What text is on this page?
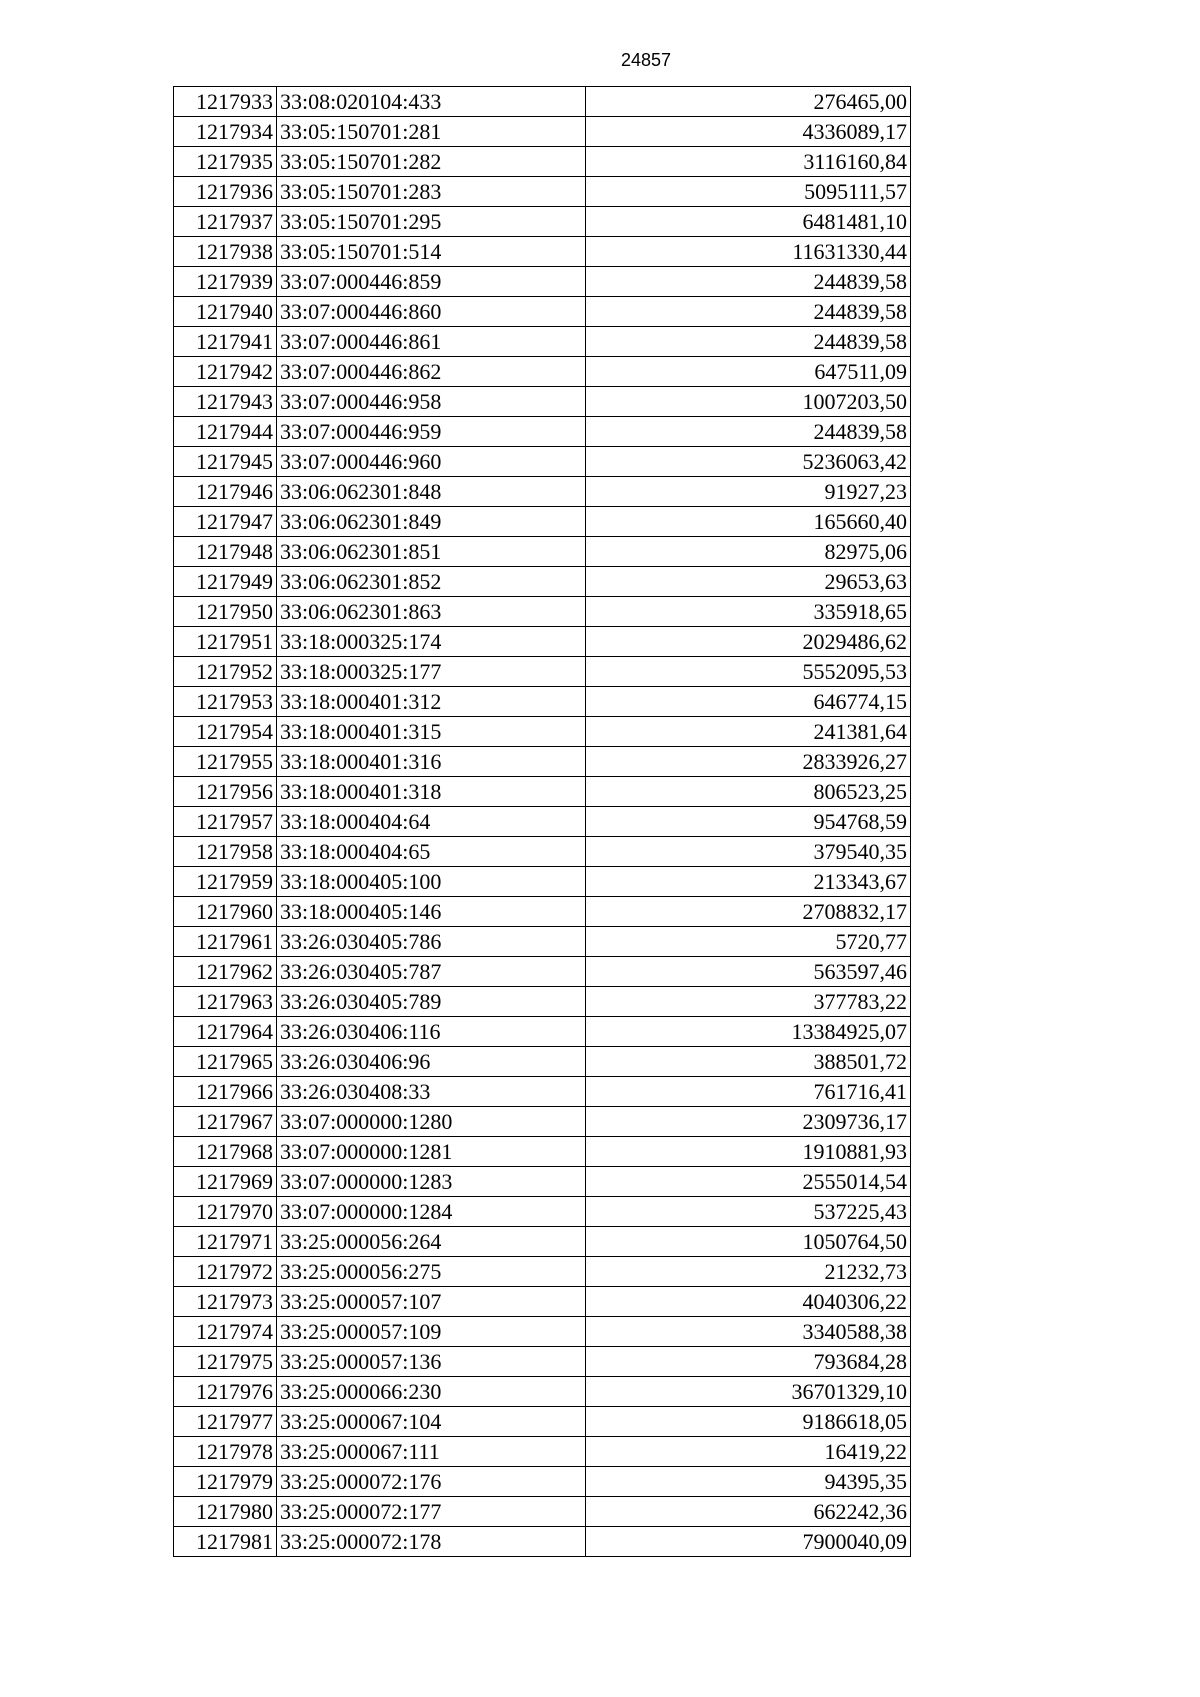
24857
1217933	33:08:020104:433	276465,00
1217934	33:05:150701:281	4336089,17
1217935	33:05:150701:282	3116160,84
1217936	33:05:150701:283	5095111,57
1217937	33:05:150701:295	6481481,10
1217938	33:05:150701:514	11631330,44
1217939	33:07:000446:859	244839,58
1217940	33:07:000446:860	244839,58
1217941	33:07:000446:861	244839,58
1217942	33:07:000446:862	647511,09
1217943	33:07:000446:958	1007203,50
1217944	33:07:000446:959	244839,58
1217945	33:07:000446:960	5236063,42
1217946	33:06:062301:848	91927,23
1217947	33:06:062301:849	165660,40
1217948	33:06:062301:851	82975,06
1217949	33:06:062301:852	29653,63
1217950	33:06:062301:863	335918,65
1217951	33:18:000325:174	2029486,62
1217952	33:18:000325:177	5552095,53
1217953	33:18:000401:312	646774,15
1217954	33:18:000401:315	241381,64
1217955	33:18:000401:316	2833926,27
1217956	33:18:000401:318	806523,25
1217957	33:18:000404:64	954768,59
1217958	33:18:000404:65	379540,35
1217959	33:18:000405:100	213343,67
1217960	33:18:000405:146	2708832,17
1217961	33:26:030405:786	5720,77
1217962	33:26:030405:787	563597,46
1217963	33:26:030405:789	377783,22
1217964	33:26:030406:116	13384925,07
1217965	33:26:030406:96	388501,72
1217966	33:26:030408:33	761716,41
1217967	33:07:000000:1280	2309736,17
1217968	33:07:000000:1281	1910881,93
1217969	33:07:000000:1283	2555014,54
1217970	33:07:000000:1284	537225,43
1217971	33:25:000056:264	1050764,50
1217972	33:25:000056:275	21232,73
1217973	33:25:000057:107	4040306,22
1217974	33:25:000057:109	3340588,38
1217975	33:25:000057:136	793684,28
1217976	33:25:000066:230	36701329,10
1217977	33:25:000067:104	9186618,05
1217978	33:25:000067:111	16419,22
1217979	33:25:000072:176	94395,35
1217980	33:25:000072:177	662242,36
1217981	33:25:000072:178	7900040,09
